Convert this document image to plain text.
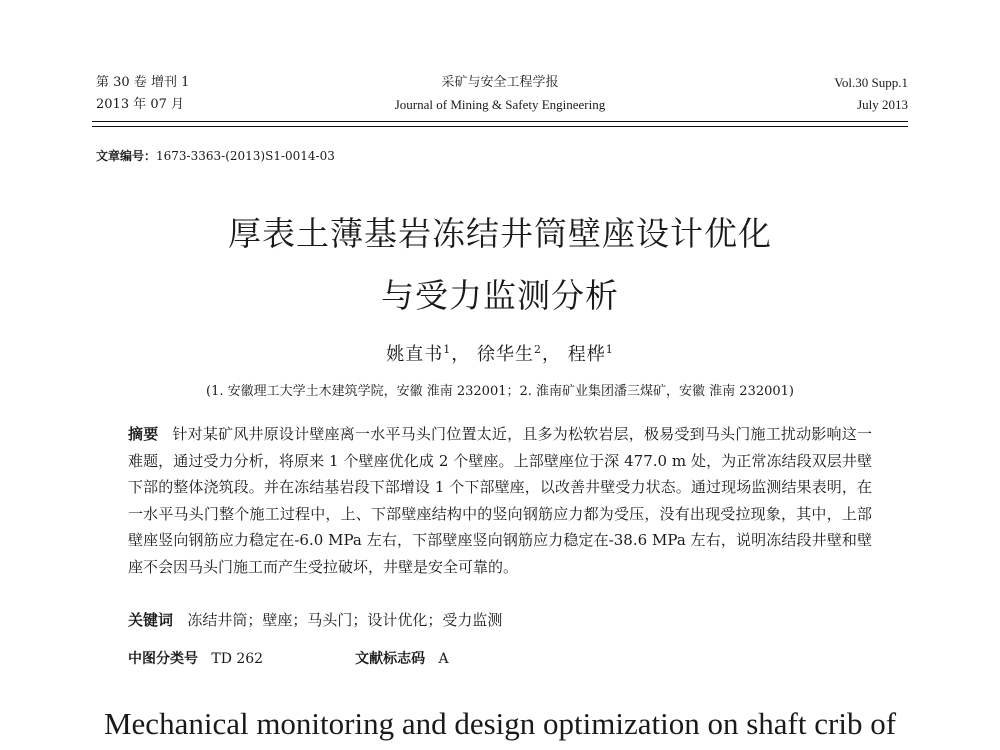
第 30 卷 增刊 1
2013 年 07 月
采矿与安全工程学报
Journal of Mining & Safety Engineering
Vol.30 Supp.1
July 2013
文章编号：1673-3363-(2013)S1-0014-03
厚表土薄基岩冻结井筒壁座设计优化
与受力监测分析
姚直书$^1$， 徐华生$^2$， 程桦$^1$
(1. 安徽理工大学土木建筑学院，安徽 淮南 232001；2. 淮南矿业集团潘三煤矿，安徽 淮南 232001)
摘要 针对某矿风井原设计壁座离一水平马头门位置太近，且多为松软岩层，极易受到马头门施工扰动影响这一难题，通过受力分析，将原来 1 个壁座优化成 2 个壁座。上部壁座位于深 477.0 m 处，为正常冻结段双层井壁下部的整体浇筑段。并在冻结基岩段下部增设 1 个下部壁座，以改善井壁受力状态。通过现场监测结果表明，在一水平马头门整个施工过程中，上、下部壁座结构中的竖向钢筋应力都为受压，没有出现受拉现象，其中，上部壁座竖向钢筋应力稳定在-6.0 MPa 左右，下部壁座竖向钢筋应力稳定在-38.6 MPa 左右，说明冻结段井壁和壁座不会因马头门施工而产生受拉破坏，井壁是安全可靠的。
关键词 冻结井筒；壁座；马头门；设计优化；受力监测
中图分类号 TD 262	文献标志码 A
Mechanical monitoring and design optimization on shaft crib of
